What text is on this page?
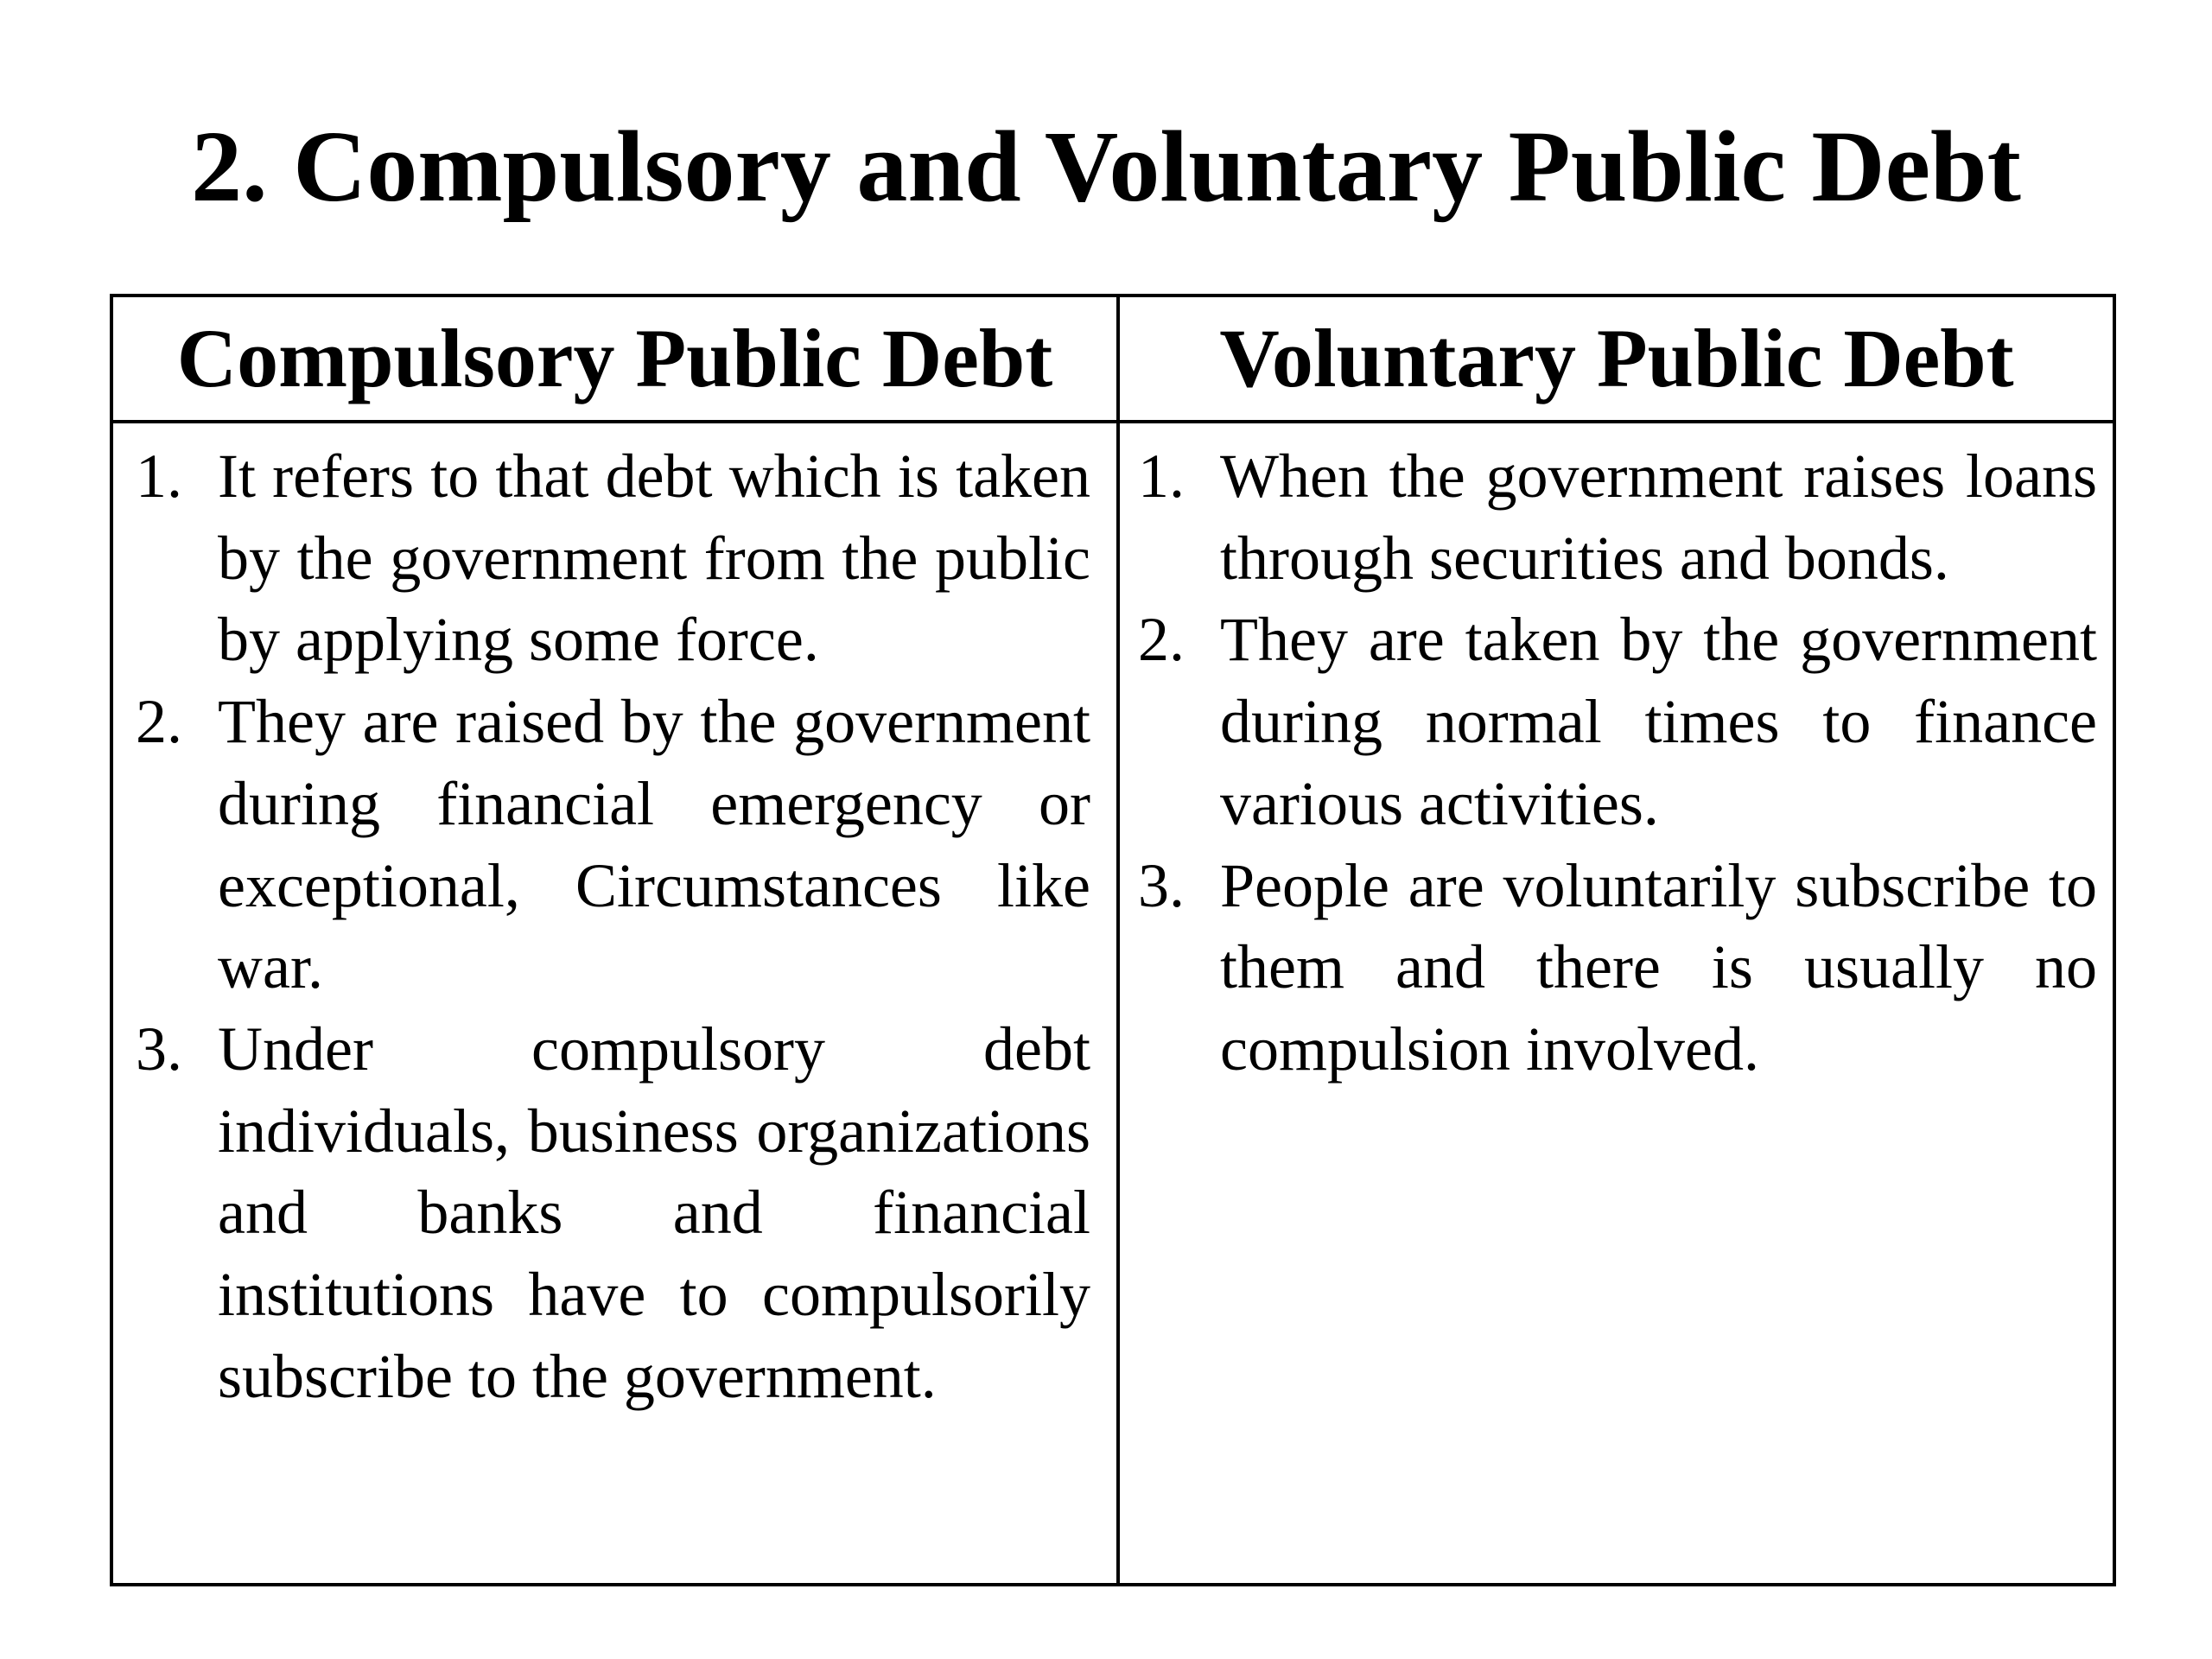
2. Compulsory and Voluntary Public Debt
Compulsory Public Debt	Voluntary Public Debt
1. It refers to that debt which is taken by the government from the public by applying some force.
2. They are raised by the government during financial emergency or exceptional, Circumstances like war.
3. Under compulsory debt individuals, business organizations and banks and financial institutions have to compulsorily subscribe to the government.
1. When the government raises loans through securities and bonds.
2. They are taken by the government during normal times to finance various activities.
3. People are voluntarily subscribe to them and there is usually no compulsion involved.
